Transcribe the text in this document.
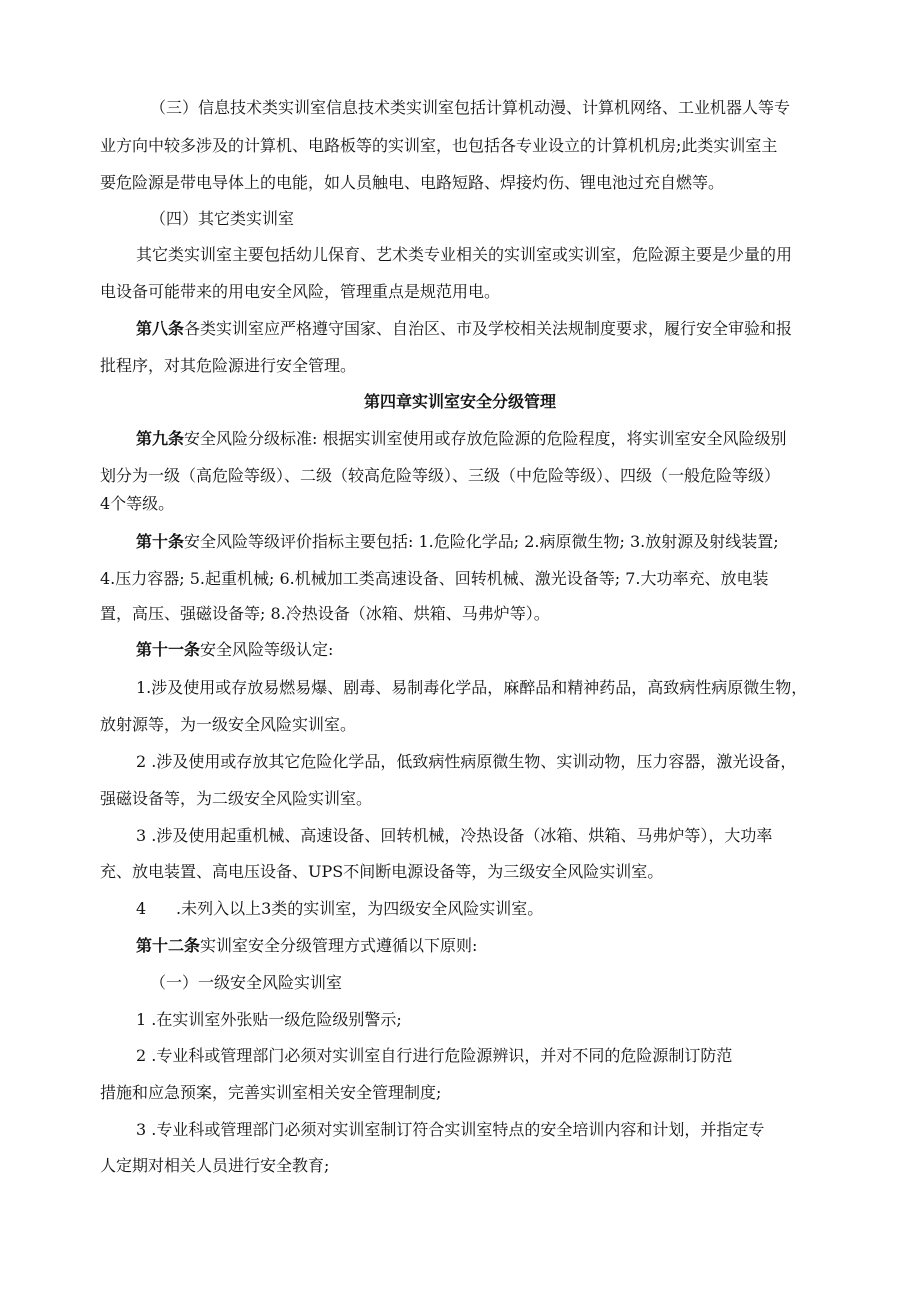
（三）信息技术类实训室信息技术类实训室包括计算机动漫、计算机网络、工业机器人等专
业方向中较多涉及的计算机、电路板等的实训室，也包括各专业设立的计算机机房;此类实训室主
要危险源是带电导体上的电能，如人员触电、电路短路、焊接灼伤、锂电池过充自燃等。
（四）其它类实训室
其它类实训室主要包括幼儿保育、艺术类专业相关的实训室或实训室，危险源主要是少量的用
电设备可能带来的用电安全风险，管理重点是规范用电。
第八条各类实训室应严格遵守国家、自治区、市及学校相关法规制度要求，履行安全审验和报
批程序，对其危险源进行安全管理。
第四章实训室安全分级管理
第九条安全风险分级标准: 根据实训室使用或存放危险源的危险程度，将实训室安全风险级别
划分为一级（高危险等级）、二级（较高危险等级）、三级（中危险等级）、四级（一般危险等级）
4个等级。
第十条安全风险等级评价指标主要包括: 1.危险化学品; 2.病原微生物; 3.放射源及射线装置;
4.压力容器; 5.起重机械; 6.机械加工类高速设备、回转机械、激光设备等; 7.大功率充、放电装
置，高压、强磁设备等; 8.冷热设备（冰箱、烘箱、马弗炉等）。
第十一条安全风险等级认定:
1.涉及使用或存放易燃易爆、剧毒、易制毒化学品，麻醉品和精神药品，高致病性病原微生物，
放射源等，为一级安全风险实训室。
2 .涉及使用或存放其它危险化学品，低致病性病原微生物、实训动物，压力容器，激光设备，
强磁设备等，为二级安全风险实训室。
3 .涉及使用起重机械、高速设备、回转机械，冷热设备（冰箱、烘箱、马弗炉等），大功率
充、放电装置、高电压设备、UPS不间断电源设备等，为三级安全风险实训室。
4	.未列入以上3类的实训室，为四级安全风险实训室。
第十二条实训室安全分级管理方式遵循以下原则:
（一）一级安全风险实训室
1 .在实训室外张贴一级危险级别警示;
2 .专业科或管理部门必须对实训室自行进行危险源辨识，并对不同的危险源制订防范
措施和应急预案，完善实训室相关安全管理制度;
3 .专业科或管理部门必须对实训室制订符合实训室特点的安全培训内容和计划，并指定专
人定期对相关人员进行安全教育;
